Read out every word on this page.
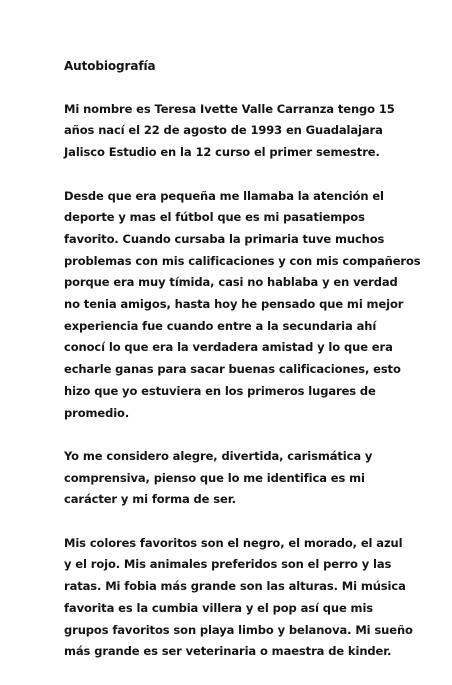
Autobiografía
Mi nombre es Teresa Ivette Valle Carranza tengo 15
años nací el 22 de agosto de 1993 en Guadalajara
Jalisco Estudio en la 12 curso el primer semestre.
Desde que era pequeña me llamaba la atención el
deporte y mas el fútbol que es mi pasatiempos
favorito. Cuando cursaba la primaria tuve muchos
problemas con mis calificaciones y con mis compañeros
porque era muy tímida, casi no hablaba y en verdad
no tenia amigos, hasta hoy he pensado que mi mejor
experiencia fue cuando entre a la secundaria ahí
conocí lo que era la verdadera amistad y lo que era
echarle ganas para sacar buenas calificaciones, esto
hizo que yo estuviera en los primeros lugares de
promedio.
Yo me considero alegre, divertida, carismática y
comprensiva, pienso que lo me identifica es mi
carácter y mi forma de ser.
Mis colores favoritos son el negro, el morado, el azul
y el rojo. Mis animales preferidos son el perro y las
ratas. Mi fobia más grande son las alturas. Mi música
favorita es la cumbia villera y el pop así que mis
grupos favoritos son playa limbo y belanova. Mi sueño
más grande es ser veterinaria o maestra de kinder.
